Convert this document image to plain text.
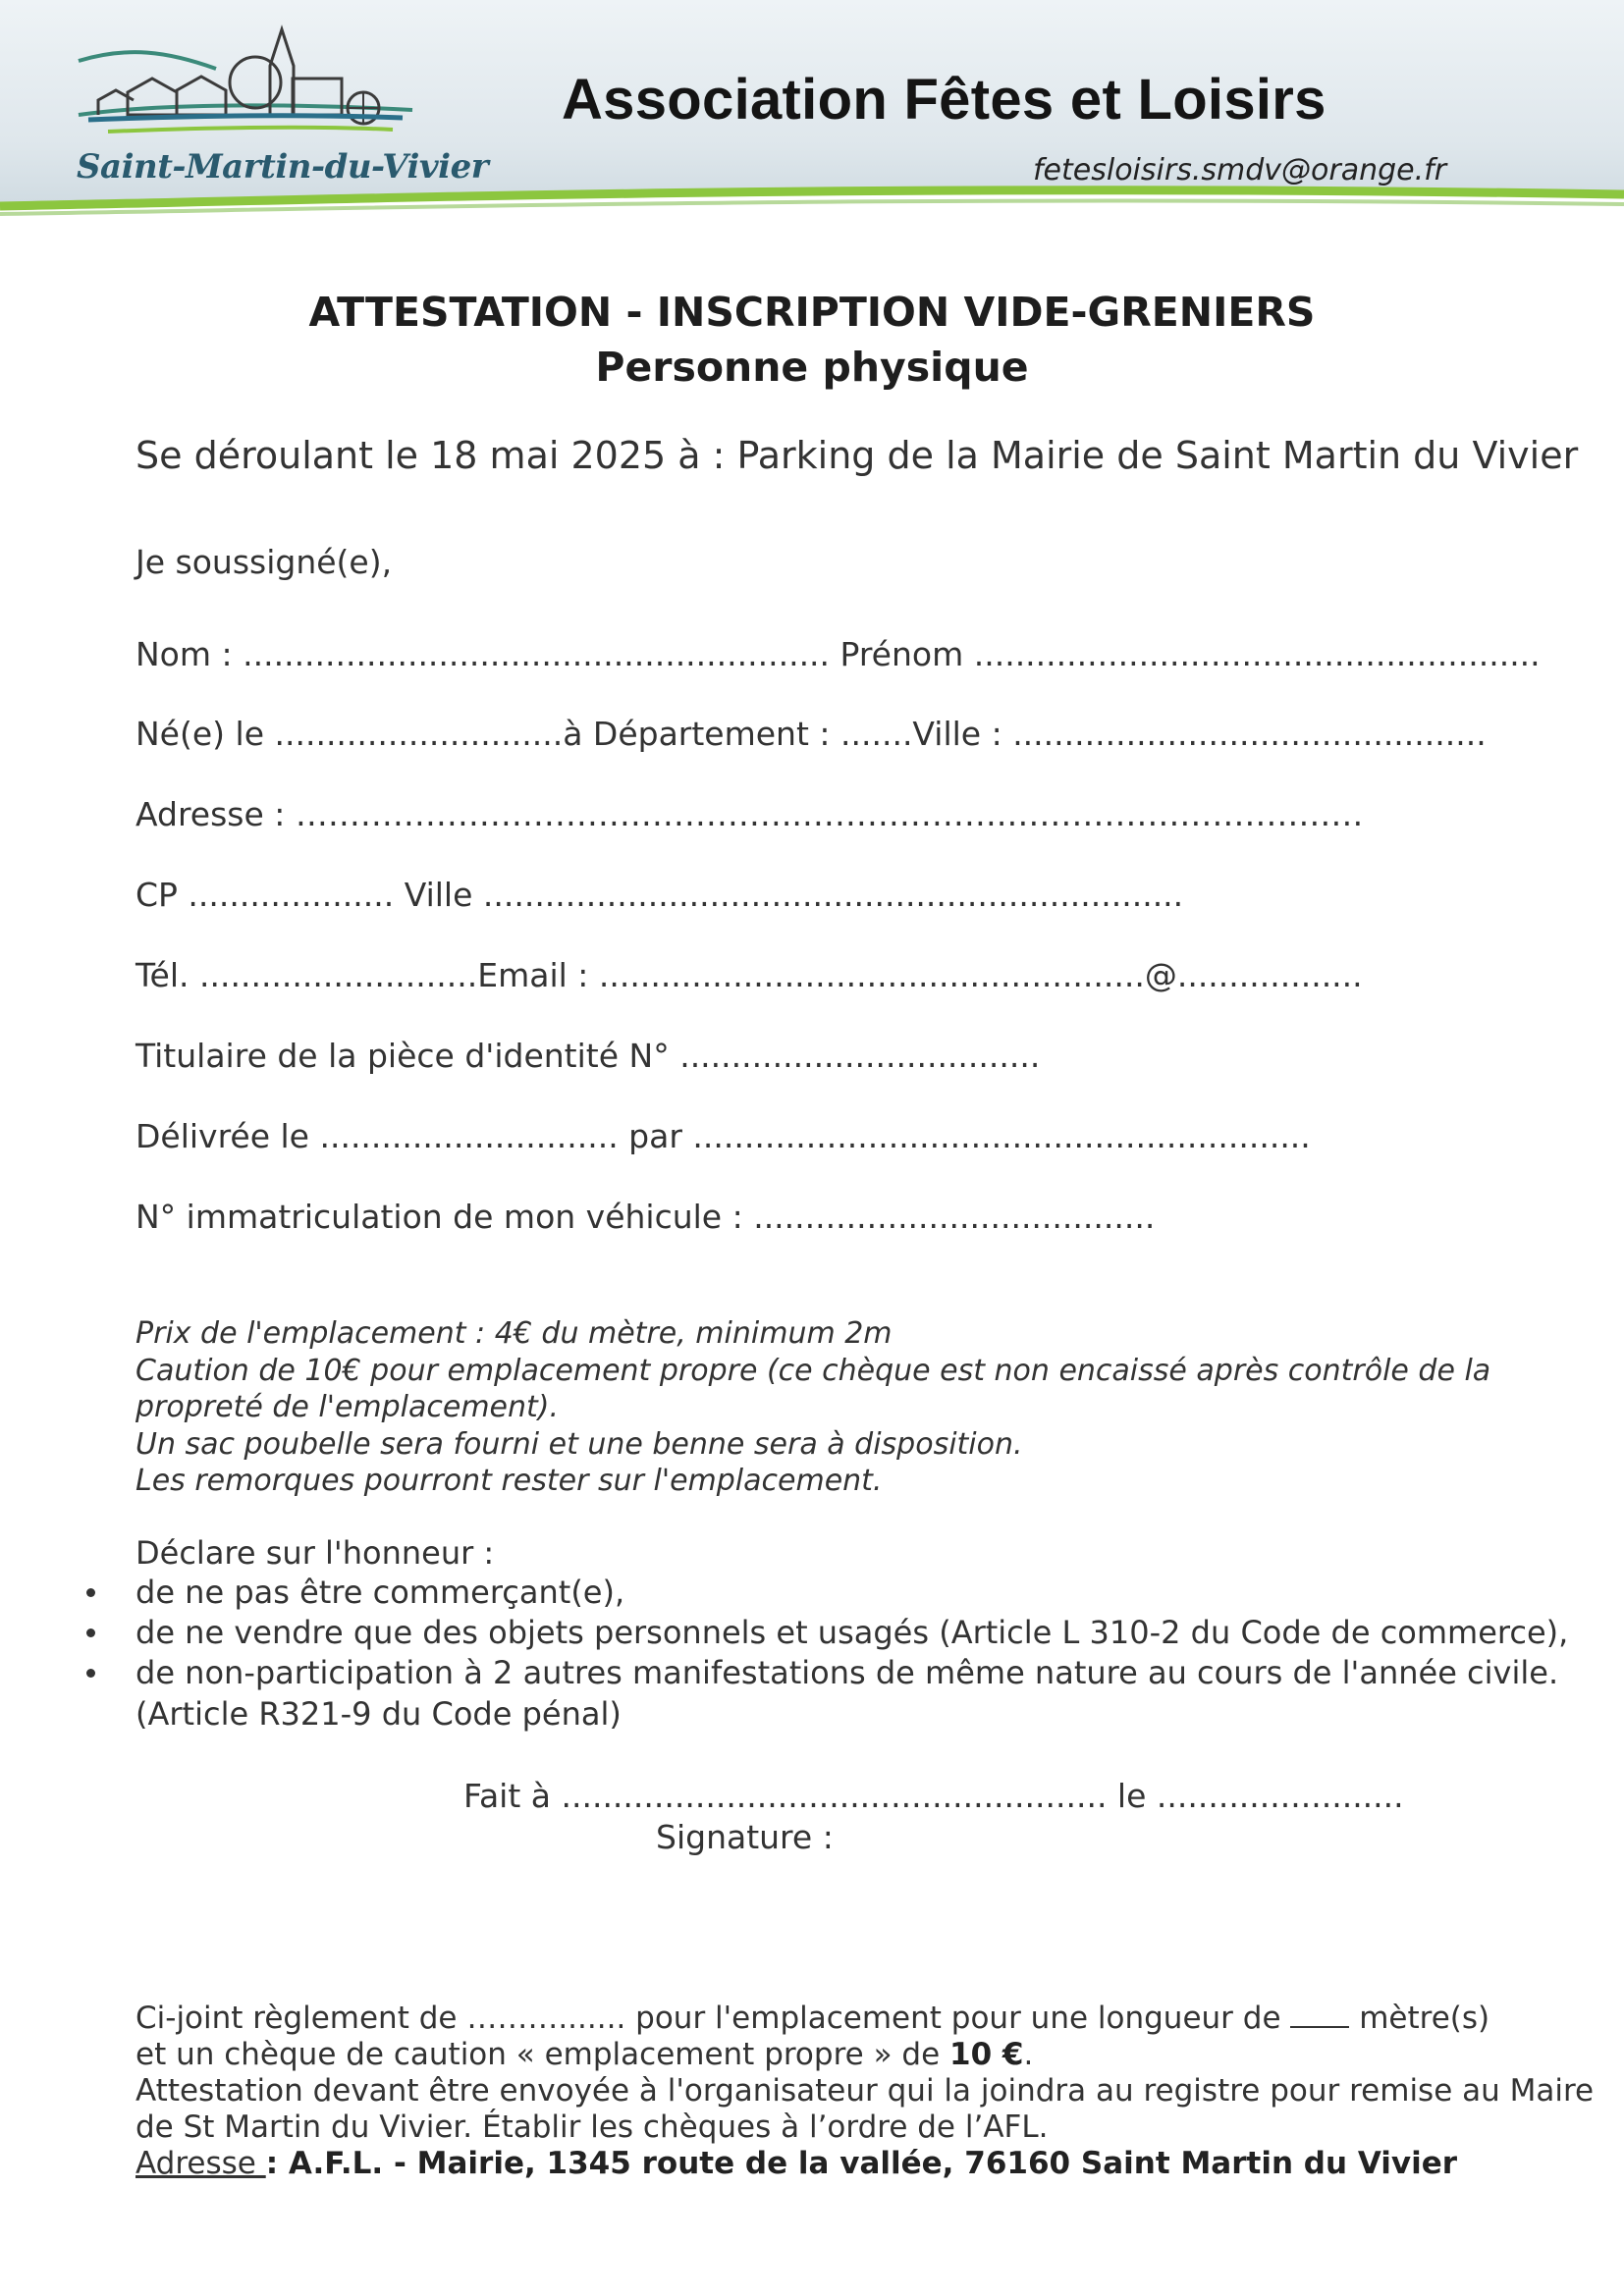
Saint-Martin-du-Vivier
Association Fêtes et Loisirs
fetesloisirs.smdv@orange.fr
ATTESTATION - INSCRIPTION VIDE-GRENIERS
Personne physique
Se déroulant le 18 mai 2025 à : Parking de la Mairie de Saint Martin du Vivier
Je soussigné(e),
Nom : ......................................................... Prénom .......................................................
Né(e) le ............................à Département : .......Ville : ..............................................
Adresse : ………………………………………..……………….……………………………
CP .................... Ville ....................................................................
Tél. ...........................Email : .....................................................@..................
Titulaire de la pièce d'identité N° ...................................
Délivrée le ............................. par ............................................................
N° immatriculation de mon véhicule : .......................................
Prix de l'emplacement : 4€ du mètre, minimum 2m
Caution de 10€ pour emplacement propre (ce chèque est non encaissé après contrôle de la
propreté de l'emplacement).
Un sac poubelle sera fourni et une benne sera à disposition.
Les remorques pourront rester sur l'emplacement.
Déclare sur l'honneur :
de ne pas être commerçant(e),
de ne vendre que des objets personnels et usagés (Article L 310-2 du Code de commerce),
de non-participation à 2 autres manifestations de même nature au cours de l'année civile.
(Article R321-9 du Code pénal)
Fait à ..................................................... le ........................
Signature :
Ci-joint règlement de ………....... pour l'emplacement pour une longueur de	mètre(s)
et un chèque de caution « emplacement propre » de 10 €.
Attestation devant être envoyée à l'organisateur qui la joindra au registre pour remise au Maire
de St Martin du Vivier. Établir les chèques à l’ordre de l’AFL.
Adresse : A.F.L. - Mairie, 1345 route de la vallée, 76160 Saint Martin du Vivier
